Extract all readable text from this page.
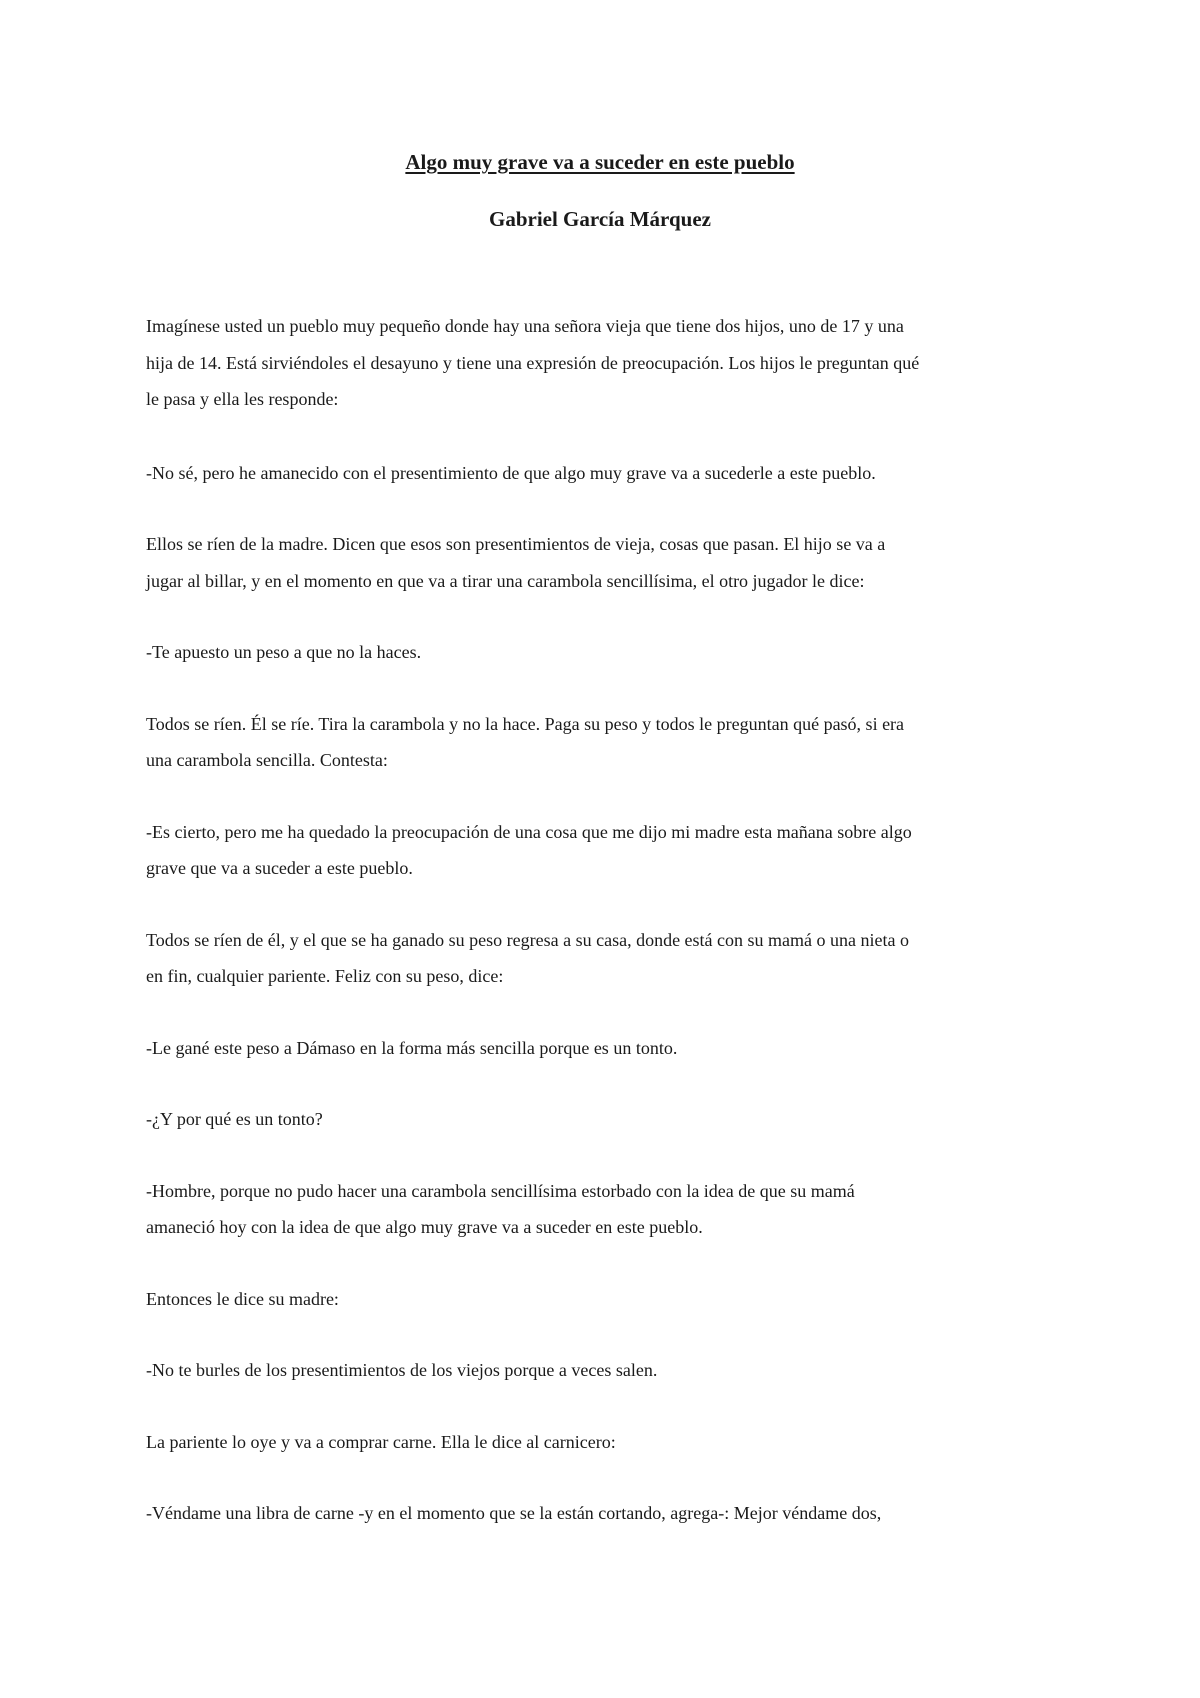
Algo muy grave va a suceder en este pueblo
Gabriel García Márquez

Imagínese usted un pueblo muy pequeño donde hay una señora vieja que tiene dos hijos, uno de 17 y una
hija de 14. Está sirviéndoles el desayuno y tiene una expresión de preocupación. Los hijos le preguntan qué
le pasa y ella les responde:

-No sé, pero he amanecido con el presentimiento de que algo muy grave va a sucederle a este pueblo.

Ellos se ríen de la madre. Dicen que esos son presentimientos de vieja, cosas que pasan. El hijo se va a
jugar al billar, y en el momento en que va a tirar una carambola sencillísima, el otro jugador le dice:

-Te apuesto un peso a que no la haces.

Todos se ríen. Él se ríe. Tira la carambola y no la hace. Paga su peso y todos le preguntan qué pasó, si era
una carambola sencilla. Contesta:

-Es cierto, pero me ha quedado la preocupación de una cosa que me dijo mi madre esta mañana sobre algo
grave que va a suceder a este pueblo.

Todos se ríen de él, y el que se ha ganado su peso regresa a su casa, donde está con su mamá o una nieta o
en fin, cualquier pariente. Feliz con su peso, dice:

-Le gané este peso a Dámaso en la forma más sencilla porque es un tonto.

-¿Y por qué es un tonto?

-Hombre, porque no pudo hacer una carambola sencillísima estorbado con la idea de que su mamá
amaneció hoy con la idea de que algo muy grave va a suceder en este pueblo.

Entonces le dice su madre:

-No te burles de los presentimientos de los viejos porque a veces salen.

La pariente lo oye y va a comprar carne. Ella le dice al carnicero:

-Véndame una libra de carne -y en el momento que se la están cortando, agrega-: Mejor véndame dos,
